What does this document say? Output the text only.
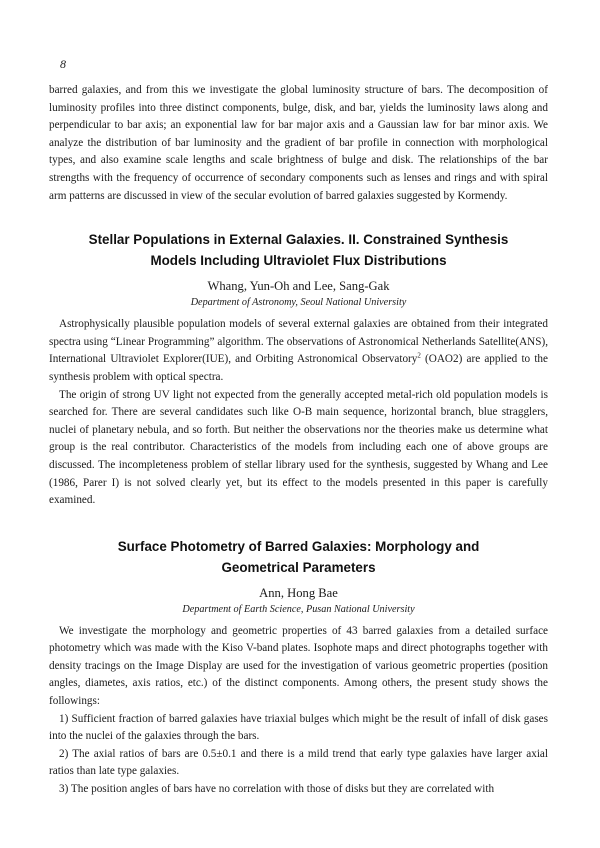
8

barred galaxies, and from this we investigate the global luminosity structure of bars. The decomposition of luminosity profiles into three distinct components, bulge, disk, and bar, yields the luminosity laws along and perpendicular to bar axis; an exponential law for bar major axis and a Gaussian law for bar minor axis. We analyze the distribution of bar luminosity and the gradient of bar profile in connection with morphological types, and also examine scale lengths and scale brightness of bulge and disk. The relationships of the bar strengths with the frequency of occurrence of secondary components such as lenses and rings and with spiral arm patterns are discussed in view of the secular evolution of barred galaxies suggested by Kormendy.

Stellar Populations in External Galaxies. II. Constrained Synthesis
Models Including Ultraviolet Flux Distributions
Whang, Yun-Oh and Lee, Sang-Gak
Department of Astronomy, Seoul National University

Astrophysically plausible population models of several external galaxies are obtained from their integrated spectra using “Linear Programming” algorithm. The observations of Astronomical Netherlands Satellite(ANS), International Ultraviolet Explorer(IUE), and Orbiting Astronomical Observatory$^2$ (OAO2) are applied to the synthesis problem with optical spectra.

The origin of strong UV light not expected from the generally accepted metal-rich old population models is searched for. There are several candidates such like O-B main sequence, horizontal branch, blue stragglers, nuclei of planetary nebula, and so forth. But neither the observations nor the theories make us determine what group is the real contributor. Characteristics of the models from including each one of above groups are discussed. The incompleteness problem of stellar library used for the synthesis, suggested by Whang and Lee (1986, Parer I) is not solved clearly yet, but its effect to the models presented in this paper is carefully examined.

Surface Photometry of Barred Galaxies: Morphology and
Geometrical Parameters
Ann, Hong Bae
Department of Earth Science, Pusan National University

We investigate the morphology and geometric properties of 43 barred galaxies from a detailed surface photometry which was made with the Kiso V-band plates. Isophote maps and direct photographs together with density tracings on the Image Display are used for the investigation of various geometric properties (position angles, diametes, axis ratios, etc.) of the distinct components. Among others, the present study shows the followings:

1) Sufficient fraction of barred galaxies have triaxial bulges which might be the result of infall of disk gases into the nuclei of the galaxies through the bars.

2) The axial ratios of bars are 0.5±0.1 and there is a mild trend that early type galaxies have larger axial ratios than late type galaxies.

3) The position angles of bars have no correlation with those of disks but they are correlated with
